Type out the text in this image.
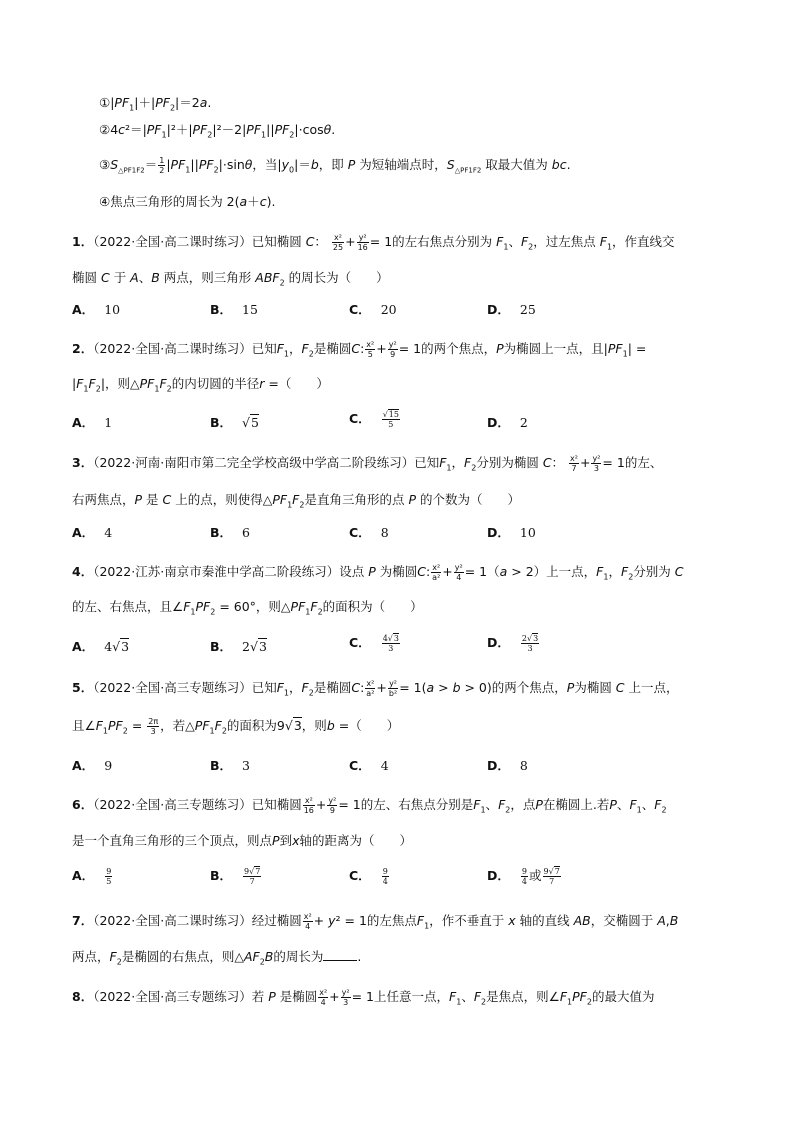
$①|PF_1|+|PF_2|=2a$.
$②4c^2=|PF_1|^2+|PF_2|^2-2|PF_1||PF_2|\cdot\cos\theta$.
$③S_{\triangle PF1F2}= \frac{1}{2} |PF_1||PF_2|\cdot\sin\theta$，当$|y_0|=b$，即 P 为短轴端点时，$S_{\triangle PF1F2}$ 取最大值为 bc.
④焦点三角形的周长为 2(a＋c).
1．（2022·全国·高二课时练习）已知椭圆 C： $\frac{\text{x²}}{25} + \frac{\text{y²}}{16} = 1$的左右焦点分别为 $F_1$、$F_2$，过左焦点 $F_1$，作直线交
椭圆 C 于 A、B 两点，则三角形 $ABF_2$ 的周长为（　　）
A． 10	B． 15	C． 20	D． 25
2．（2022·全国·高二课时练习）已知$F_1$，$F_2$是椭圆C: $\frac{\text{x²}}{5} + \frac{\text{y²}}{9} = 1$的两个焦点，P为椭圆上一点，且$|PF_1|$ =
$|F_1F_2|$，则$\triangle PF_1F_2$的内切圆的半径r =（　　）
A． 1	B． √5	C． $\frac{√15}{5}$	D． 2
3．（2022·河南·南阳市第二完全学校高级中学高二阶段练习）已知$F_1$，$F_2$分别为椭圆 C： $\frac{\text{x²}}{7} + \frac{\text{y²}}{3} = 1$的左、
右两焦点，P 是 C 上的点，则使得$\triangle PF_1F_2$是直角三角形的点 P 的个数为（　　）
A． 4	B． 6	C． 8	D． 10
4．（2022·江苏·南京市秦淮中学高二阶段练习）设点 P 为椭圆C: $\frac{\text{x²}}{\text{a²}} + \frac{\text{y²}}{4} = 1(a > 2)$上一点，$F_1$，$F_2$分别为 C
的左、右焦点，且$\angle F_1PF_2 = 60^\circ$，则$\triangle PF_1F_2$的面积为（　　）
A． 4√3	B． 2√3	C． $\frac{4√3}{3}$	D． $\frac{2√3}{3}$
5．（2022·全国·高三专题练习）已知$F_1$，$F_2$是椭圆C: $\frac{\text{x²}}{\text{a²}} + \frac{\text{y²}}{\text{b²}} = 1(a > b > 0)$的两个焦点，P为椭圆 C 上一点，
且$\angle F_1PF_2 = \frac{2\pi}{3}$ ，若$\triangle PF_1F_2$的面积为9√3，则b =（　　）
A． 9	B． 3	C． 4	D． 8
6．（2022·全国·高三专题练习）已知椭圆 $\frac{\text{x²}}{16} + \frac{\text{y²}}{9} = 1$的左、右焦点分别是$F_1$、$F_2$，点P在椭圆上.若P、$F_1$、$F_2$
是一个直角三角形的三个顶点，则点P到x轴的距离为（　　）
A． $\frac{9}{5}$	B． $\frac{9√7}{7}$	C． $\frac{9}{4}$	D． $\frac{9}{4}$ 或 $\frac{9√7}{7}$
7．（2022·全国·高二课时练习）经过椭圆 $\frac{\text{x²}}{4} + y^2 = 1$的左焦点$F_1$，作不垂直于 x 轴的直线 AB，交椭圆于 A,B
两点，$F_2$是椭圆的右焦点，则$\triangle AF_2B$的周长为	.
8．（2022·全国·高三专题练习）若 P 是椭圆 $\frac{\text{x²}}{4} + \frac{\text{y²}}{3} = 1$上任意一点，$F_1$、$F_2$是焦点，则$\angle F_1PF_2$的最大值为
